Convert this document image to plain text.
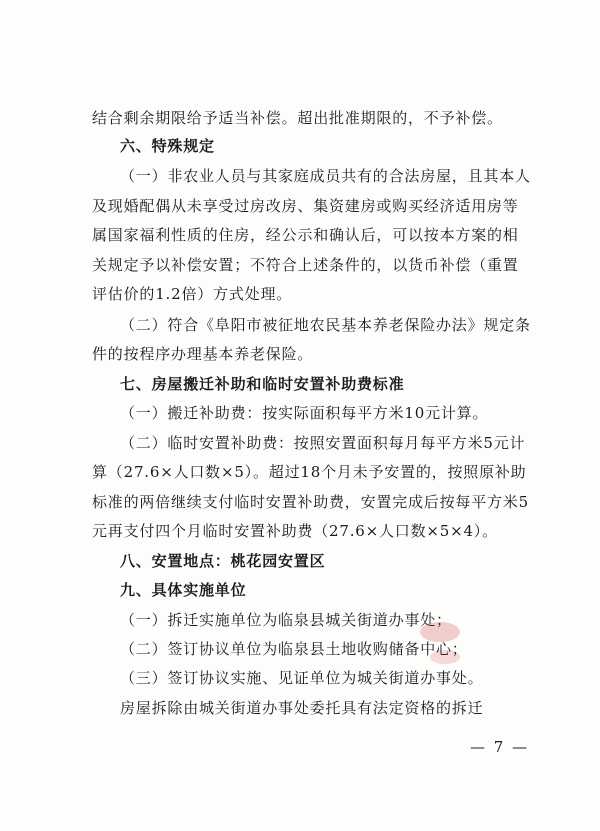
结合剩余期限给予适当补偿。超出批准期限的，不予补偿。
六、特殊规定
（一）非农业人员与其家庭成员共有的合法房屋，且其本人
及现婚配偶从未享受过房改房、集资建房或购买经济适用房等
属国家福利性质的住房，经公示和确认后，可以按本方案的相
关规定予以补偿安置；不符合上述条件的，以货币补偿（重置
评估价的1.2倍）方式处理。
（二）符合《阜阳市被征地农民基本养老保险办法》规定条
件的按程序办理基本养老保险。
七、房屋搬迁补助和临时安置补助费标准
（一）搬迁补助费：按实际面积每平方米10元计算。
（二）临时安置补助费：按照安置面积每月每平方米5元计
算（27.6×人口数×5）。超过18个月未予安置的，按照原补助
标准的两倍继续支付临时安置补助费，安置完成后按每平方米5
元再支付四个月临时安置补助费（27.6×人口数×5×4）。
八、安置地点：桃花园安置区
九、具体实施单位
（一）拆迁实施单位为临泉县城关街道办事处；
（二）签订协议单位为临泉县土地收购储备中心；
（三）签订协议实施、见证单位为城关街道办事处。
房屋拆除由城关街道办事处委托具有法定资格的拆迁
— 7 —
